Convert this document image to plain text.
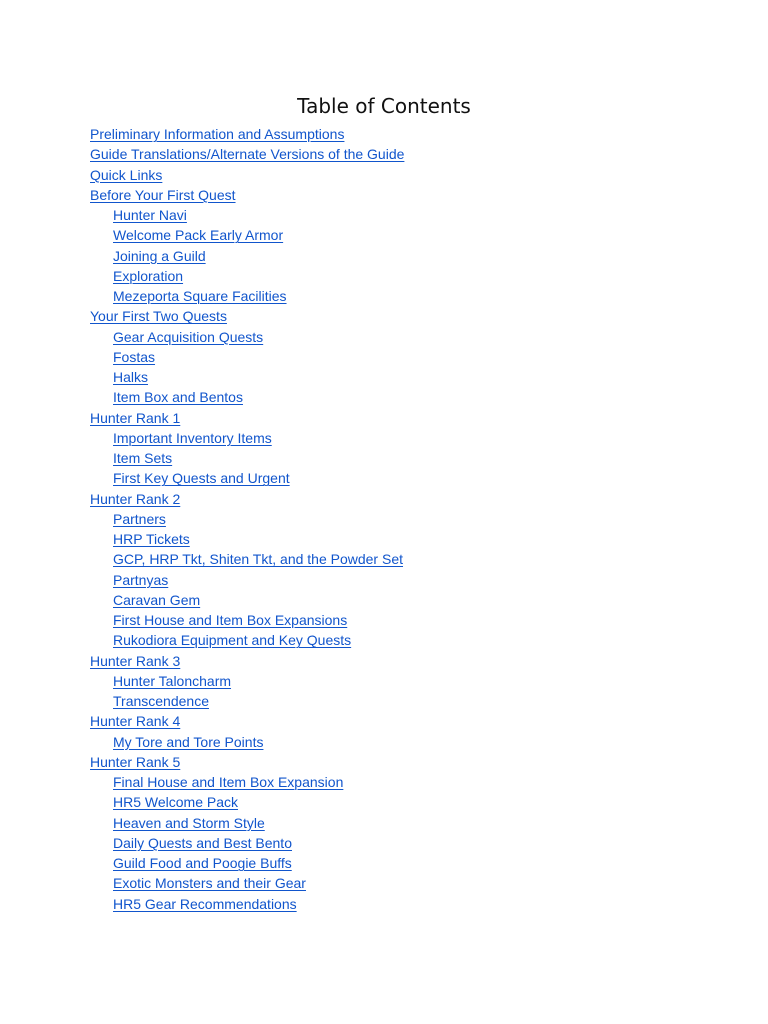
Table of Contents
Preliminary Information and Assumptions
Guide Translations/Alternate Versions of the Guide
Quick Links
Before Your First Quest
Hunter Navi
Welcome Pack Early Armor
Joining a Guild
Exploration
Mezeporta Square Facilities
Your First Two Quests
Gear Acquisition Quests
Fostas
Halks
Item Box and Bentos
Hunter Rank 1
Important Inventory Items
Item Sets
First Key Quests and Urgent
Hunter Rank 2
Partners
HRP Tickets
GCP, HRP Tkt, Shiten Tkt, and the Powder Set
Partnyas
Caravan Gem
First House and Item Box Expansions
Rukodiora Equipment and Key Quests
Hunter Rank 3
Hunter Taloncharm
Transcendence
Hunter Rank 4
My Tore and Tore Points
Hunter Rank 5
Final House and Item Box Expansion
HR5 Welcome Pack
Heaven and Storm Style
Daily Quests and Best Bento
Guild Food and Poogie Buffs
Exotic Monsters and their Gear
HR5 Gear Recommendations
